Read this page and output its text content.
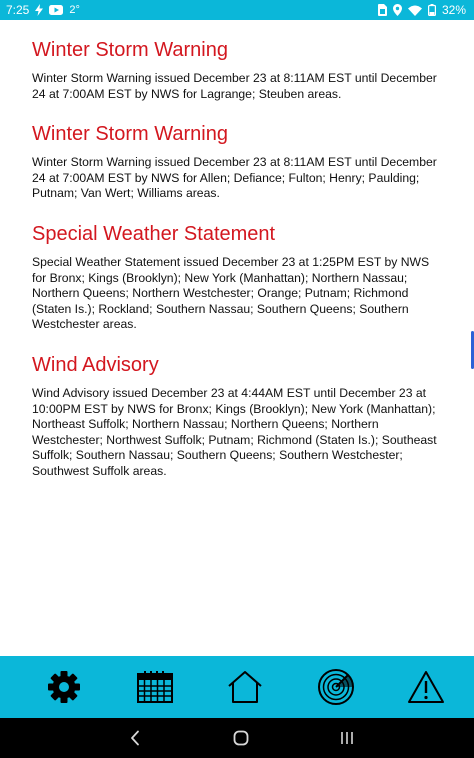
7:25	2°	32%
Winter Storm Warning

Winter Storm Warning issued December 23 at 8:11AM EST until December 24 at 7:00AM EST by NWS for Lagrange; Steuben areas.

Winter Storm Warning

Winter Storm Warning issued December 23 at 8:11AM EST until December 24 at 7:00AM EST by NWS for Allen; Defiance; Fulton; Henry; Paulding; Putnam; Van Wert; Williams areas.

Special Weather Statement

Special Weather Statement issued December 23 at 1:25PM EST by NWS for Bronx; Kings (Brooklyn); New York (Manhattan); Northern Nassau; Northern Queens; Northern Westchester; Orange; Putnam; Richmond (Staten Is.); Rockland; Southern Nassau; Southern Queens; Southern Westchester areas.

Wind Advisory

Wind Advisory issued December 23 at 4:44AM EST until December 23 at 10:00PM EST by NWS for Bronx; Kings (Brooklyn); New York (Manhattan); Northeast Suffolk; Northern Nassau; Northern Queens; Northern Westchester; Northwest Suffolk; Putnam; Richmond (Staten Is.); Southeast Suffolk; Southern Nassau; Southern Queens; Southern Westchester; Southwest Suffolk areas.
